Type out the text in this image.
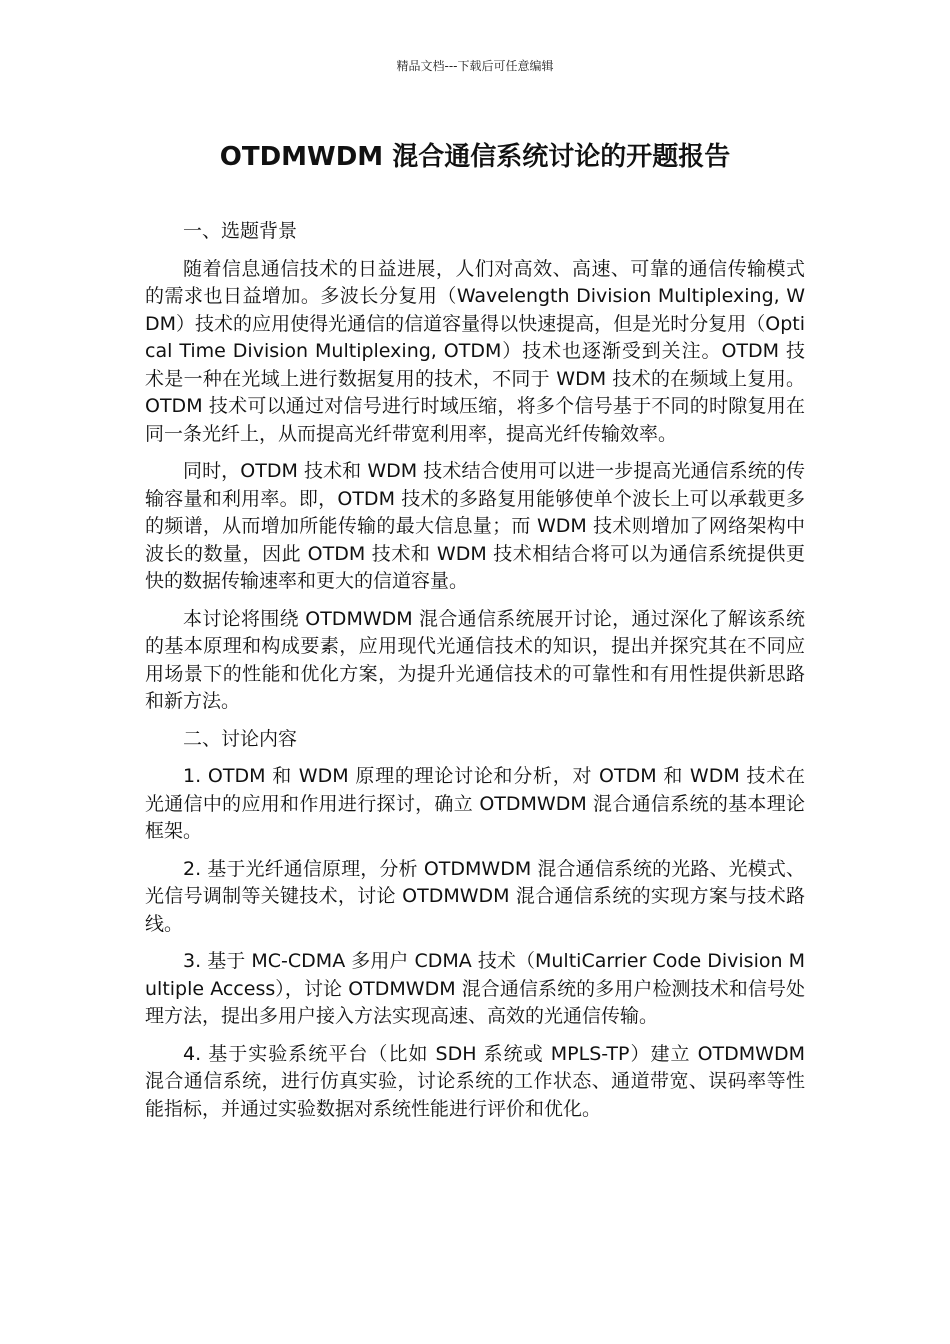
精品文档---下载后可任意编辑
OTDMWDM 混合通信系统讨论的开题报告

一、选题背景

随着信息通信技术的日益进展，人们对高效、高速、可靠的通信传输模式的需求也日益增加。多波长分复用（Wavelength Division Multiplexing, WDM）技术的应用使得光通信的信道容量得以快速提高，但是光时分复用（Optical Time Division Multiplexing, OTDM）技术也逐渐受到关注。OTDM 技术是一种在光域上进行数据复用的技术，不同于 WDM 技术的在频域上复用。OTDM 技术可以通过对信号进行时域压缩，将多个信号基于不同的时隙复用在同一条光纤上，从而提高光纤带宽利用率，提高光纤传输效率。

同时，OTDM 技术和 WDM 技术结合使用可以进一步提高光通信系统的传输容量和利用率。即，OTDM 技术的多路复用能够使单个波长上可以承载更多的频谱，从而增加所能传输的最大信息量；而 WDM 技术则增加了网络架构中波长的数量，因此 OTDM 技术和 WDM 技术相结合将可以为通信系统提供更快的数据传输速率和更大的信道容量。

本讨论将围绕 OTDMWDM 混合通信系统展开讨论，通过深化了解该系统的基本原理和构成要素，应用现代光通信技术的知识，提出并探究其在不同应用场景下的性能和优化方案，为提升光通信技术的可靠性和有用性提供新思路和新方法。

二、讨论内容

1. OTDM 和 WDM 原理的理论讨论和分析，对 OTDM 和 WDM 技术在光通信中的应用和作用进行探讨，确立 OTDMWDM 混合通信系统的基本理论框架。

2. 基于光纤通信原理，分析 OTDMWDM 混合通信系统的光路、光模式、光信号调制等关键技术，讨论 OTDMWDM 混合通信系统的实现方案与技术路线。

3. 基于 MC-CDMA 多用户 CDMA 技术（MultiCarrier Code Division Multiple Access），讨论 OTDMWDM 混合通信系统的多用户检测技术和信号处理方法，提出多用户接入方法实现高速、高效的光通信传输。

4. 基于实验系统平台（比如 SDH 系统或 MPLS-TP）建立 OTDMWDM 混合通信系统，进行仿真实验，讨论系统的工作状态、通道带宽、误码率等性能指标，并通过实验数据对系统性能进行评价和优化。
